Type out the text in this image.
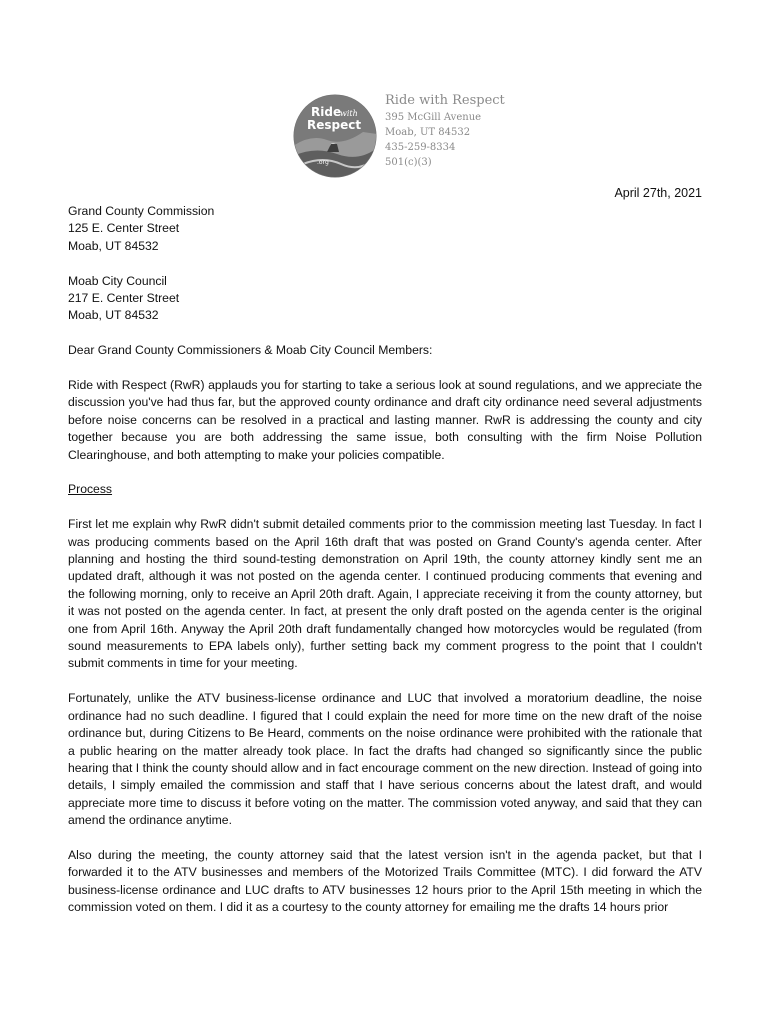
Ride
with
Respect
.org
Ride with Respect
395 McGill Avenue
Moab, UT 84532
435-259-8334
501(c)(3)
April 27th, 2021

Grand County Commission

125 E. Center Street

Moab, UT 84532

Moab City Council

217 E. Center Street

Moab, UT 84532

Dear Grand County Commissioners & Moab City Council Members:

Ride with Respect (RwR) applauds you for starting to take a serious look at sound regulations, and we appreciate the discussion you've had thus far, but the approved county ordinance and draft city ordinance need several adjustments before noise concerns can be resolved in a practical and lasting manner. RwR is addressing the county and city together because you are both addressing the same issue, both consulting with the firm Noise Pollution Clearinghouse, and both attempting to make your policies compatible.

Process

First let me explain why RwR didn't submit detailed comments prior to the commission meeting last Tuesday. In fact I was producing comments based on the April 16th draft that was posted on Grand County's agenda center. After planning and hosting the third sound-testing demonstration on April 19th, the county attorney kindly sent me an updated draft, although it was not posted on the agenda center. I continued producing comments that evening and the following morning, only to receive an April 20th draft. Again, I appreciate receiving it from the county attorney, but it was not posted on the agenda center. In fact, at present the only draft posted on the agenda center is the original one from April 16th. Anyway the April 20th draft fundamentally changed how motorcycles would be regulated (from sound measurements to EPA labels only), further setting back my comment progress to the point that I couldn't submit comments in time for your meeting.

Fortunately, unlike the ATV business-license ordinance and LUC that involved a moratorium deadline, the noise ordinance had no such deadline. I figured that I could explain the need for more time on the new draft of the noise ordinance but, during Citizens to Be Heard, comments on the noise ordinance were prohibited with the rationale that a public hearing on the matter already took place. In fact the drafts had changed so significantly since the public hearing that I think the county should allow and in fact encourage comment on the new direction. Instead of going into details, I simply emailed the commission and staff that I have serious concerns about the latest draft, and would appreciate more time to discuss it before voting on the matter. The commission voted anyway, and said that they can amend the ordinance anytime.

Also during the meeting, the county attorney said that the latest version isn't in the agenda packet, but that I forwarded it to the ATV businesses and members of the Motorized Trails Committee (MTC). I did forward the ATV business-license ordinance and LUC drafts to ATV businesses 12 hours prior to the April 15th meeting in which the commission voted on them. I did it as a courtesy to the county attorney for emailing me the drafts 14 hours prior
